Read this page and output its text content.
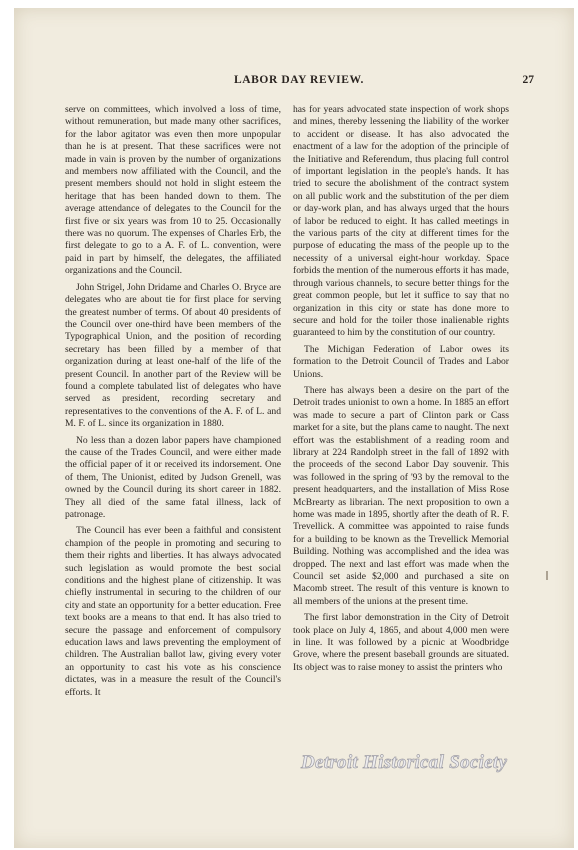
LABOR DAY REVIEW.	27

serve on committees, which involved a loss of time, without remuneration, but made many other sacrifices, for the labor agitator was even then more unpopular than he is at present. That these sacrifices were not made in vain is proven by the number of organizations and members now affiliated with the Council, and the present members should not hold in slight esteem the heritage that has been handed down to them. The average attendance of delegates to the Council for the first five or six years was from 10 to 25. Occasionally there was no quorum. The expenses of Charles Erb, the first delegate to go to a A. F. of L. convention, were paid in part by himself, the delegates, the affiliated organizations and the Council.

John Strigel, John Dridame and Charles O. Bryce are delegates who are about tie for first place for serving the greatest number of terms. Of about 40 presidents of the Council over one-third have been members of the Typographical Union, and the position of recording secretary has been filled by a member of that organization during at least one-half of the life of the present Council. In another part of the Review will be found a complete tabulated list of delegates who have served as president, recording secretary and representatives to the conventions of the A. F. of L. and M. F. of L. since its organization in 1880.

No less than a dozen labor papers have championed the cause of the Trades Council, and were either made the official paper of it or received its indorsement. One of them, The Unionist, edited by Judson Grenell, was owned by the Council during its short career in 1882. They all died of the same fatal illness, lack of patronage.

The Council has ever been a faithful and consistent champion of the people in promoting and securing to them their rights and liberties. It has always advocated such legislation as would promote the best social conditions and the highest plane of citizenship. It was chiefly instrumental in securing to the children of our city and state an opportunity for a better education. Free text books are a means to that end. It has also tried to secure the passage and enforcement of compulsory education laws and laws preventing the employment of children. The Australian ballot law, giving every voter an opportunity to cast his vote as his conscience dictates, was in a measure the result of the Council's efforts. It

has for years advocated state inspection of work shops and mines, thereby lessening the liability of the worker to accident or disease. It has also advocated the enactment of a law for the adoption of the principle of the Initiative and Referendum, thus placing full control of important legislation in the people's hands. It has tried to secure the abolishment of the contract system on all public work and the substitution of the per diem or day-work plan, and has always urged that the hours of labor be reduced to eight. It has called meetings in the various parts of the city at different times for the purpose of educating the mass of the people up to the necessity of a universal eight-hour workday. Space forbids the mention of the numerous efforts it has made, through various channels, to secure better things for the great common people, but let it suffice to say that no organization in this city or state has done more to secure and hold for the toiler those inalienable rights guaranteed to him by the constitution of our country.

The Michigan Federation of Labor owes its formation to the Detroit Council of Trades and Labor Unions.

There has always been a desire on the part of the Detroit trades unionist to own a home. In 1885 an effort was made to secure a part of Clinton park or Cass market for a site, but the plans came to naught. The next effort was the establishment of a reading room and library at 224 Randolph street in the fall of 1892 with the proceeds of the second Labor Day souvenir. This was followed in the spring of '93 by the removal to the present headquarters, and the installation of Miss Rose McBrearty as librarian. The next proposition to own a home was made in 1895, shortly after the death of R. F. Trevellick. A committee was appointed to raise funds for a building to be known as the Trevellick Memorial Building. Nothing was accomplished and the idea was dropped. The next and last effort was made when the Council set aside $2,000 and purchased a site on Macomb street. The result of this venture is known to all members of the unions at the present time.

The first labor demonstration in the City of Detroit took place on July 4, 1865, and about 4,000 men were in line. It was followed by a picnic at Woodbridge Grove, where the present baseball grounds are situated. Its object was to raise money to assist the printers who

Detroit Historical Society
